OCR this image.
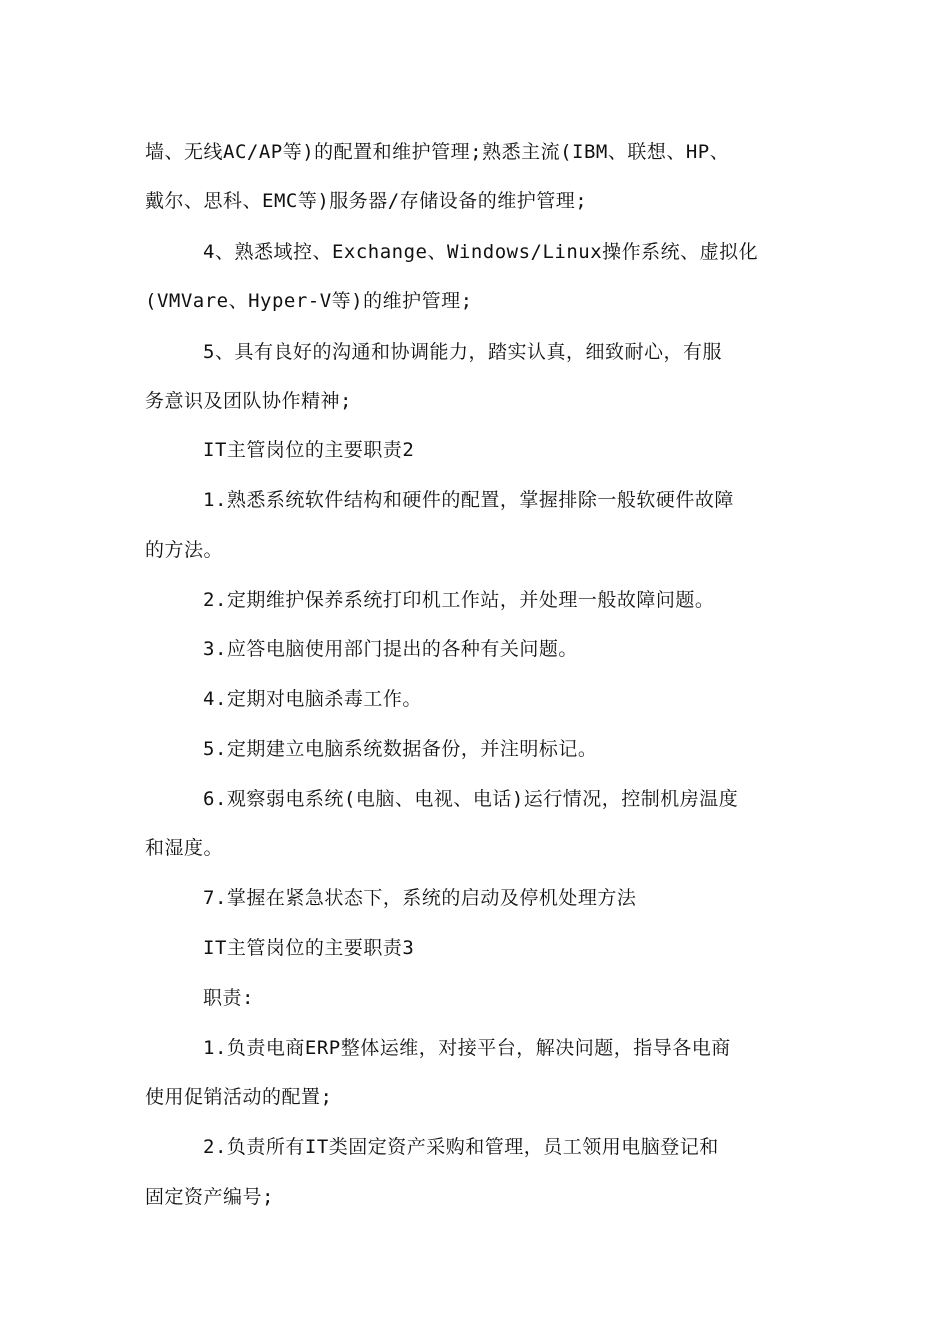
墙、无线AC/AP等)的配置和维护管理;熟悉主流(IBM、联想、HP、
戴尔、思科、EMC等)服务器/存储设备的维护管理;
4、熟悉域控、Exchange、Windows/Linux操作系统、虚拟化
(VMVare、Hyper-V等)的维护管理;
5、具有良好的沟通和协调能力，踏实认真，细致耐心，有服
务意识及团队协作精神;
IT主管岗位的主要职责2
1.熟悉系统软件结构和硬件的配置，掌握排除一般软硬件故障
的方法。
2.定期维护保养系统打印机工作站，并处理一般故障问题。
3.应答电脑使用部门提出的各种有关问题。
4.定期对电脑杀毒工作。
5.定期建立电脑系统数据备份，并注明标记。
6.观察弱电系统(电脑、电视、电话)运行情况，控制机房温度
和湿度。
7.掌握在紧急状态下，系统的启动及停机处理方法
IT主管岗位的主要职责3
职责:
1.负责电商ERP整体运维，对接平台，解决问题，指导各电商
使用促销活动的配置;
2.负责所有IT类固定资产采购和管理，员工领用电脑登记和
固定资产编号;
